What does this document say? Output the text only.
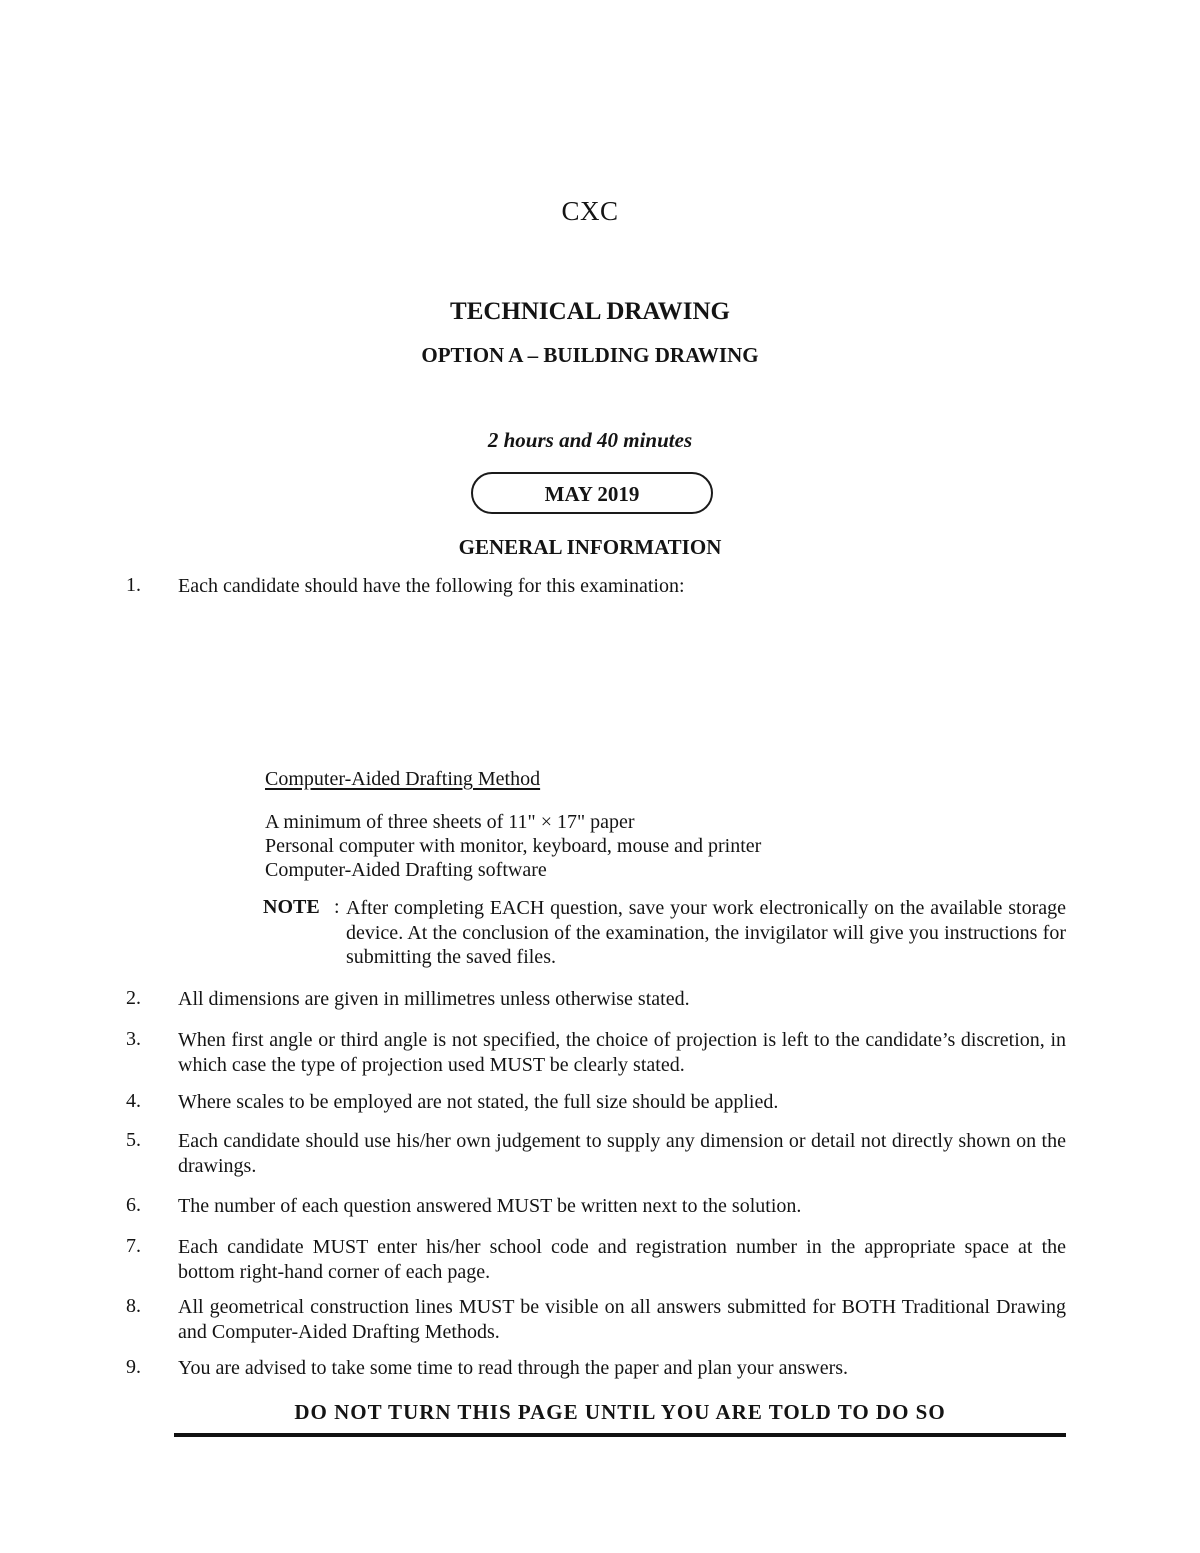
CXC
TECHNICAL DRAWING
OPTION A – BUILDING DRAWING
2 hours and 40 minutes
MAY 2019
GENERAL INFORMATION
1. Each candidate should have the following for this examination:
Computer-Aided Drafting Method
A minimum of three sheets of 11" × 17" paper
Personal computer with monitor, keyboard, mouse and printer
Computer-Aided Drafting software
NOTE : After completing EACH question, save your work electronically on the available storage device. At the conclusion of the examination, the invigilator will give you instructions for submitting the saved files.
2. All dimensions are given in millimetres unless otherwise stated.
3. When first angle or third angle is not specified, the choice of projection is left to the candidate’s discretion, in which case the type of projection used MUST be clearly stated.
4. Where scales to be employed are not stated, the full size should be applied.
5. Each candidate should use his/her own judgement to supply any dimension or detail not directly shown on the drawings.
6. The number of each question answered MUST be written next to the solution.
7. Each candidate MUST enter his/her school code and registration number in the appropriate space at the bottom right-hand corner of each page.
8. All geometrical construction lines MUST be visible on all answers submitted for BOTH Traditional Drawing and Computer-Aided Drafting Methods.
9. You are advised to take some time to read through the paper and plan your answers.
DO NOT TURN THIS PAGE UNTIL YOU ARE TOLD TO DO SO
